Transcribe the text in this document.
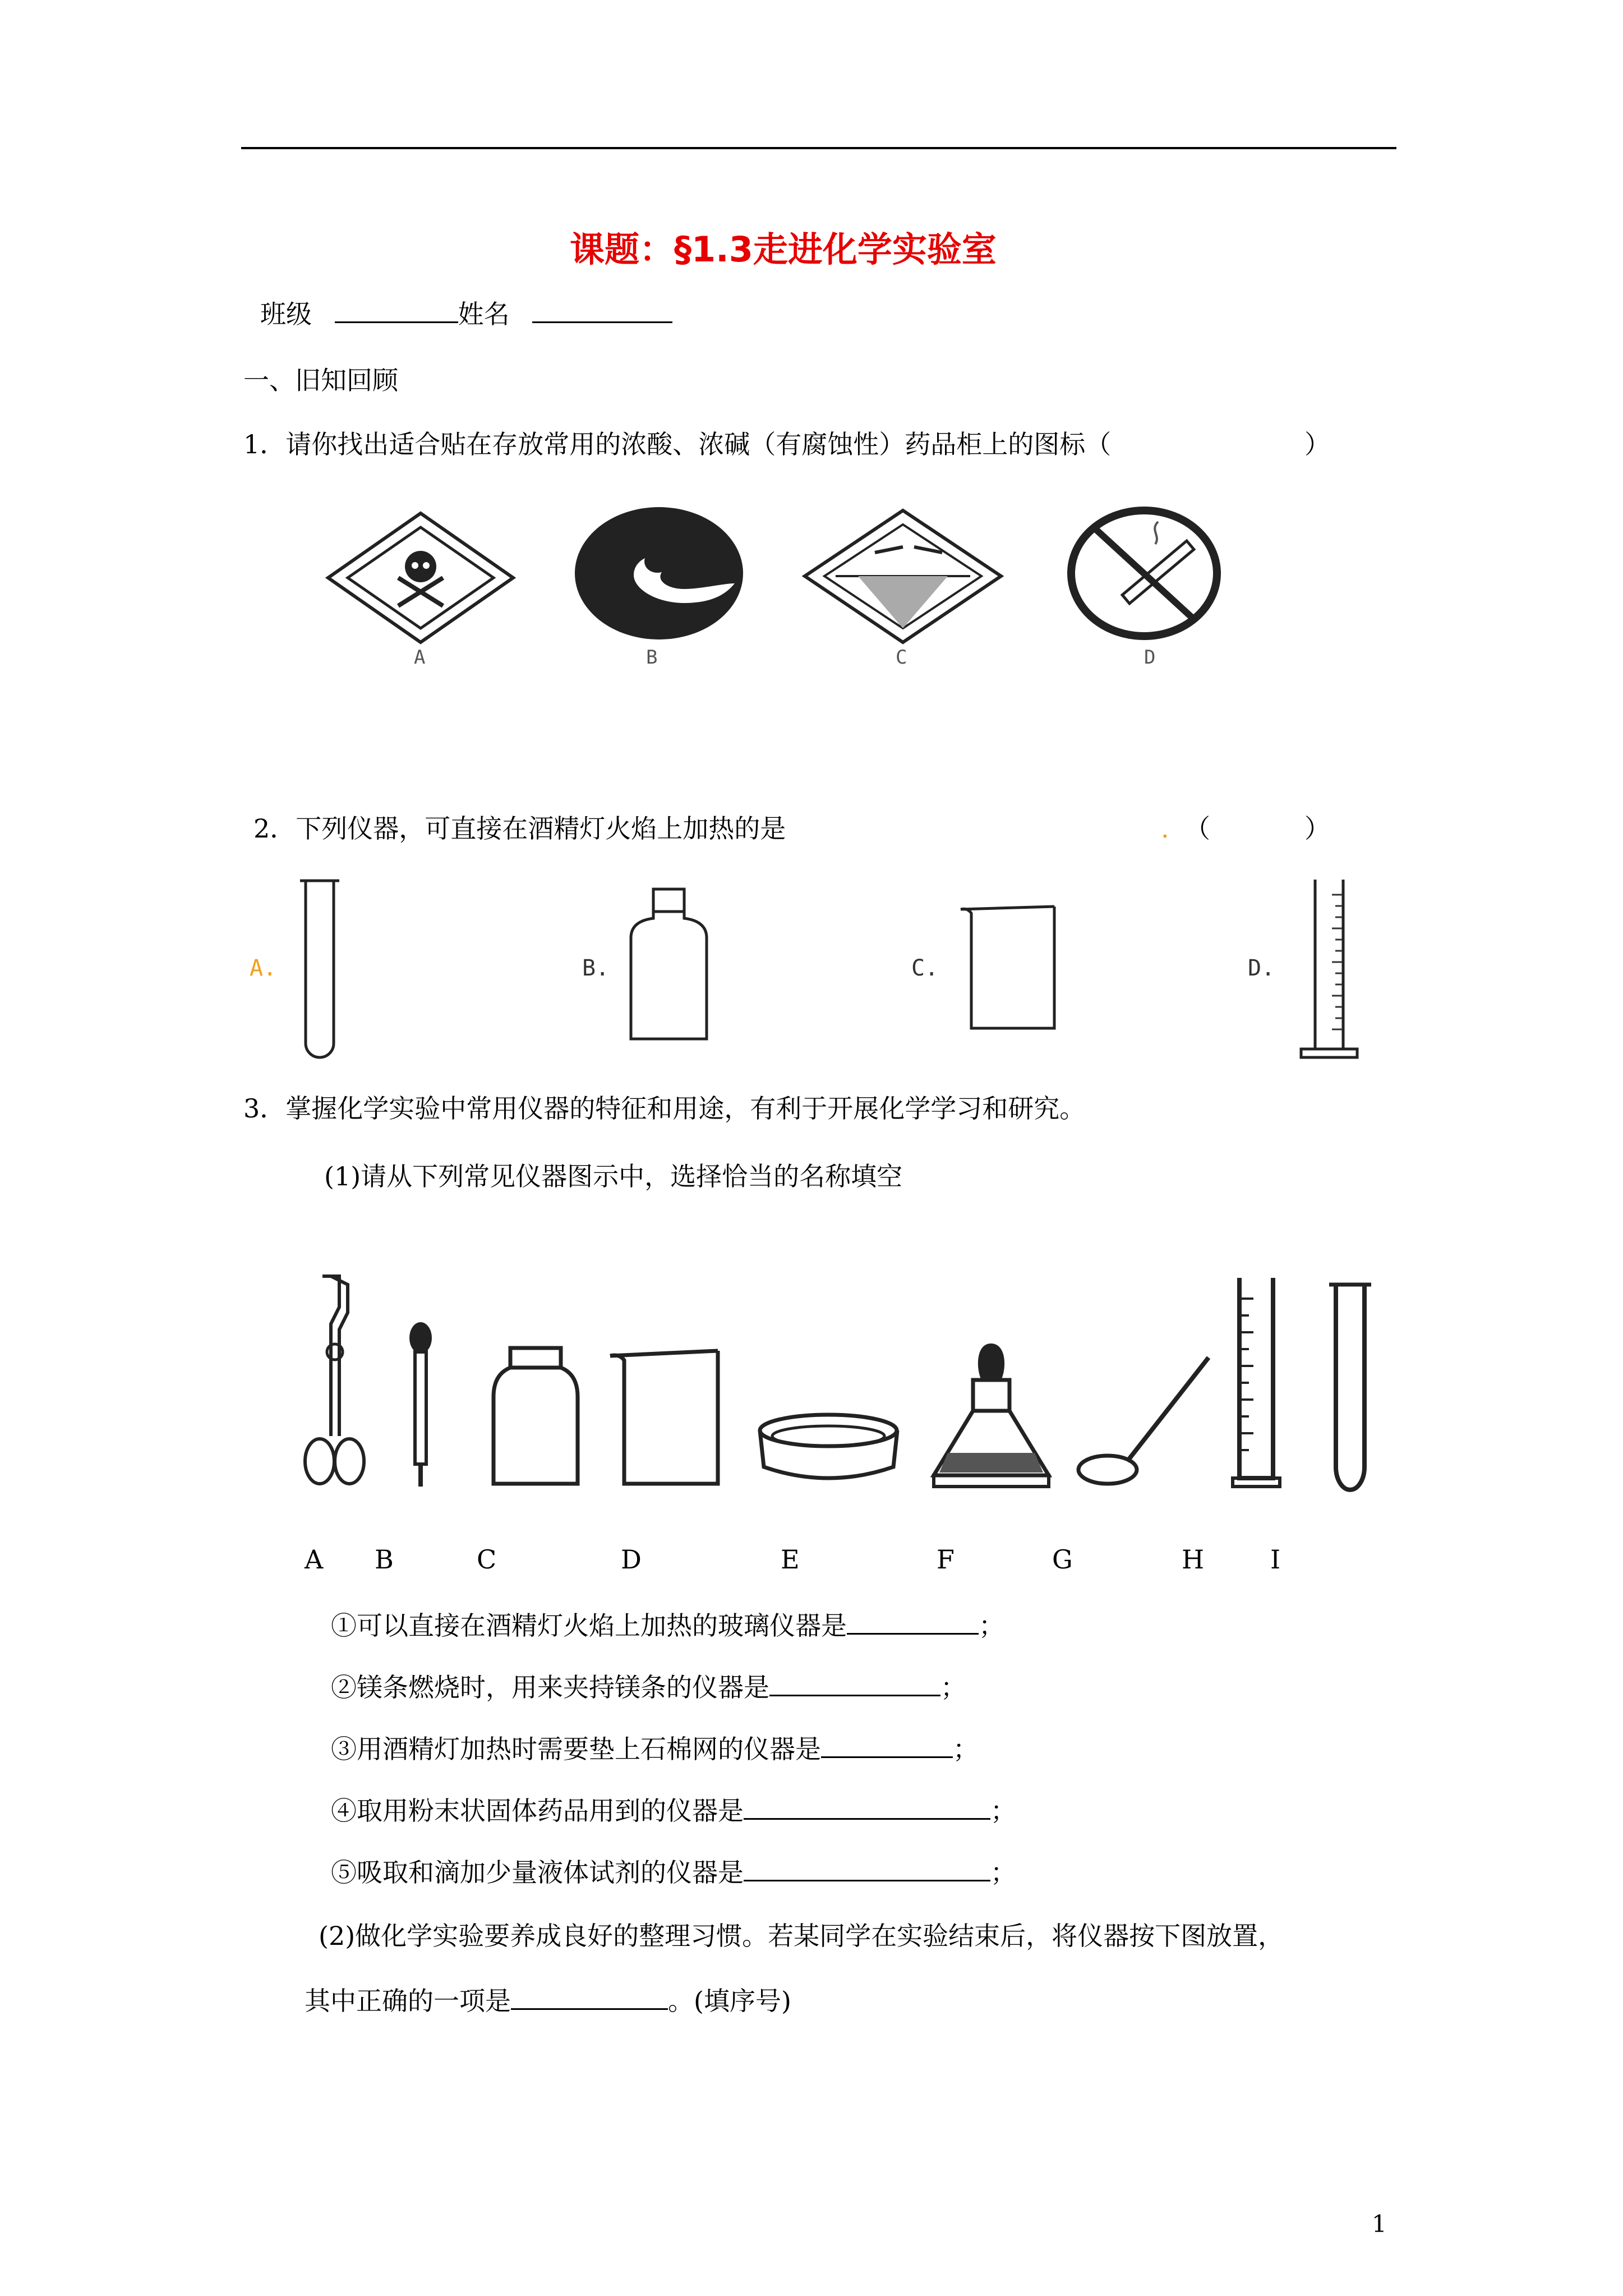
课题：§1.3走进化学实验室
班级	姓名
一、旧知回顾
1．请你找出适合贴在存放常用的浓酸、浓碱（有腐蚀性）药品柜上的图标（	）
A	B	C	D
2．下列仪器，可直接在酒精灯火焰上加热的是	. （	）
A.	B.	C.	D.
3．掌握化学实验中常用仪器的特征和用途，有利于开展化学学习和研究。
(1)请从下列常见仪器图示中，选择恰当的名称填空
A B	C	D	E	F	G	H	I
①可以直接在酒精灯火焰上加热的玻璃仪器是	；
②镁条燃烧时，用来夹持镁条的仪器是	；
③用酒精灯加热时需要垫上石棉网的仪器是	；
④取用粉末状固体药品用到的仪器是	；
⑤吸取和滴加少量液体试剂的仪器是	；
(2)做化学实验要养成良好的整理习惯。若某同学在实验结束后，将仪器按下图放置，
其中正确的一项是	。(填序号)
1
